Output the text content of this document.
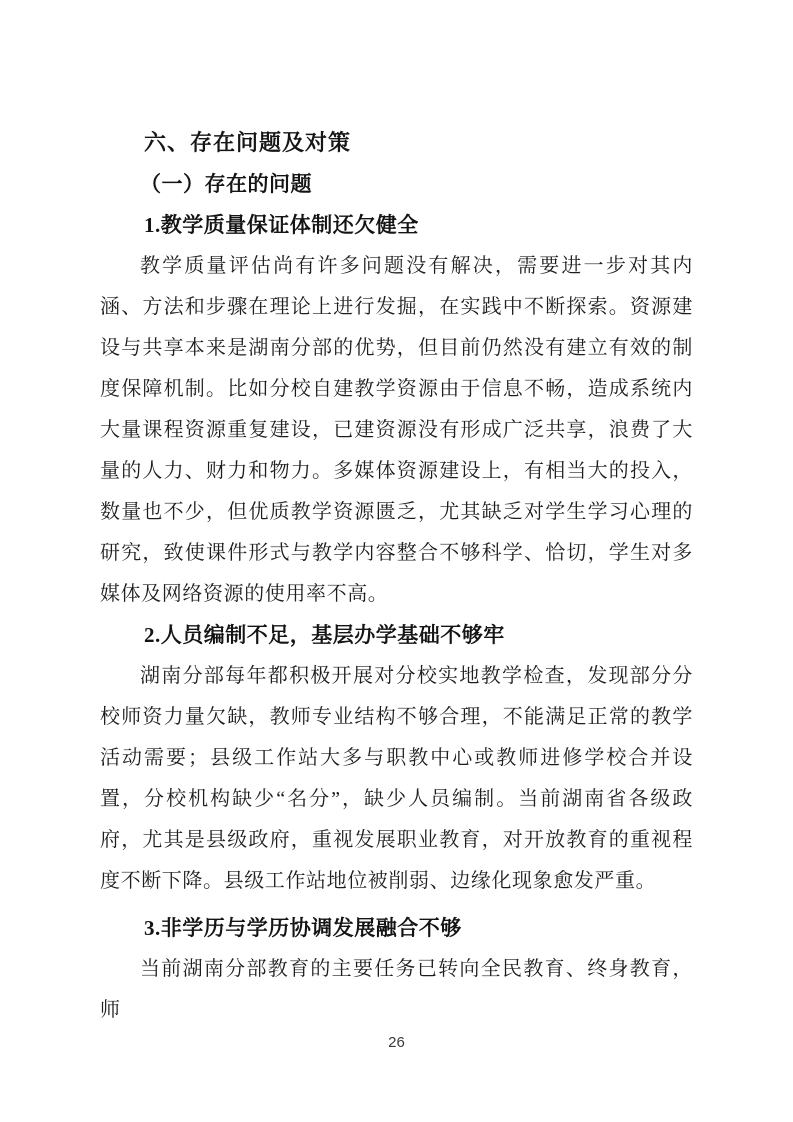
六、存在问题及对策
（一）存在的问题
1.教学质量保证体制还欠健全

教学质量评估尚有许多问题没有解决，需要进一步对其内涵、方法和步骤在理论上进行发掘，在实践中不断探索。资源建设与共享本来是湖南分部的优势，但目前仍然没有建立有效的制度保障机制。比如分校自建教学资源由于信息不畅，造成系统内大量课程资源重复建设，已建资源没有形成广泛共享，浪费了大量的人力、财力和物力。多媒体资源建设上，有相当大的投入，数量也不少，但优质教学资源匮乏，尤其缺乏对学生学习心理的研究，致使课件形式与教学内容整合不够科学、恰切，学生对多媒体及网络资源的使用率不高。

2.人员编制不足，基层办学基础不够牢

湖南分部每年都积极开展对分校实地教学检查，发现部分分校师资力量欠缺，教师专业结构不够合理，不能满足正常的教学活动需要；县级工作站大多与职教中心或教师进修学校合并设置，分校机构缺少“名分”，缺少人员编制。当前湖南省各级政府，尤其是县级政府，重视发展职业教育，对开放教育的重视程度不断下降。县级工作站地位被削弱、边缘化现象愈发严重。

3.非学历与学历协调发展融合不够

当前湖南分部教育的主要任务已转向全民教育、终身教育，师

26
